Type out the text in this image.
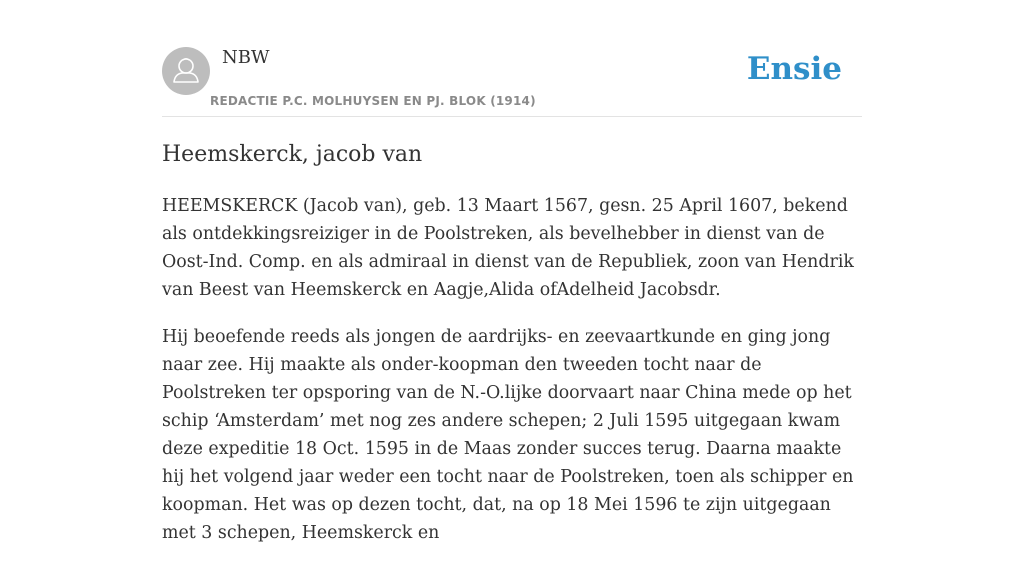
NBW
REDACTIE P.C. MOLHUYSEN EN PJ. BLOK (1914)
Ensie
Heemskerck, jacob van

HEEMSKERCK (Jacob van), geb. 13 Maart 1567, gesn. 25 April 1607, bekend als ontdekkingsreiziger in de Poolstreken, als bevelhebber in dienst van de Oost-Ind. Comp. en als admiraal in dienst van de Republiek, zoon van Hendrik van Beest van Heemskerck en Aagje,Alida ofAdelheid Jacobsdr.

Hij beoefende reeds als jongen de aardrijks- en zeevaartkunde en ging jong naar zee. Hij maakte als onder-koopman den tweeden tocht naar de Poolstreken ter opsporing van de N.-O.lijke doorvaart naar China mede op het schip ‘Amsterdam’ met nog zes andere schepen; 2 Juli 1595 uitgegaan kwam deze expeditie 18 Oct. 1595 in de Maas zonder succes terug. Daarna maakte hij het volgend jaar weder een tocht naar de Poolstreken, toen als schipper en koopman. Het was op dezen tocht, dat, na op 18 Mei 1596 te zijn uitgegaan met 3 schepen, Heemskerck en
